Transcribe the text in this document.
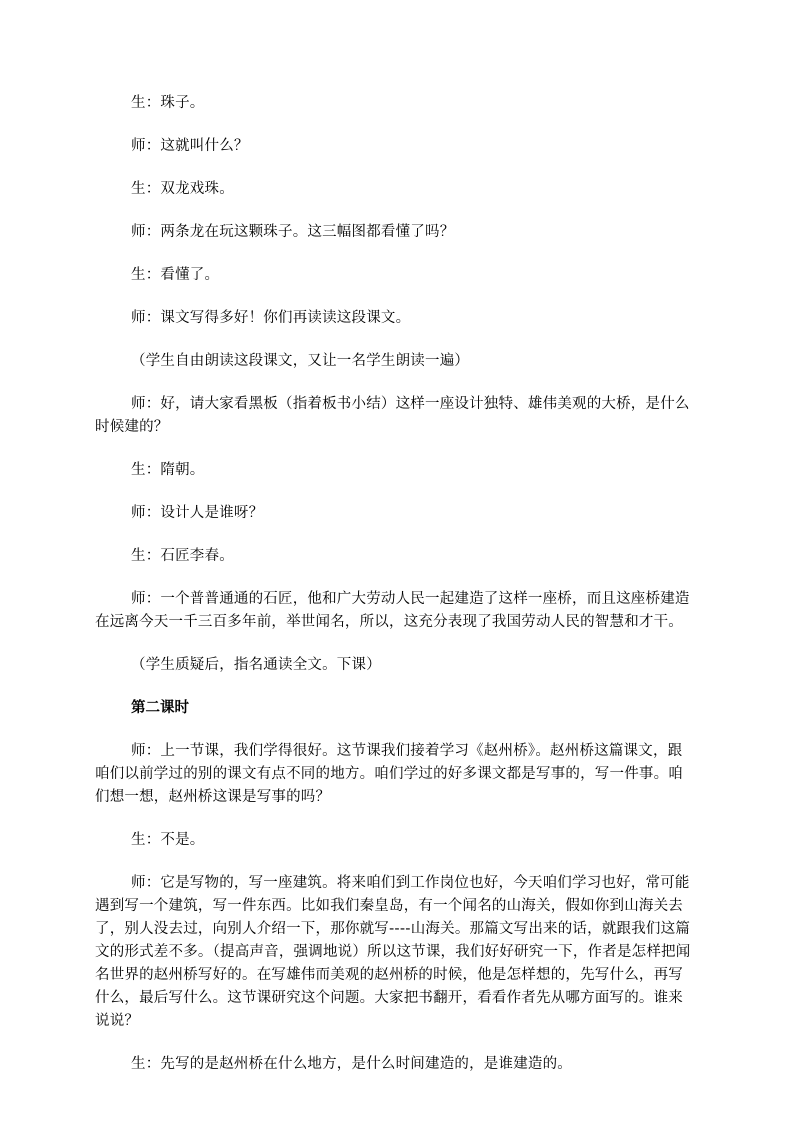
生：珠子。

师：这就叫什么？

生：双龙戏珠。

师：两条龙在玩这颗珠子。这三幅图都看懂了吗？

生：看懂了。

师：课文写得多好！你们再读读这段课文。

（学生自由朗读这段课文，又让一名学生朗读一遍）

师：好，请大家看黑板（指着板书小结）这样一座设计独特、雄伟美观的大桥，是什么时候建的？

生：隋朝。

师：设计人是谁呀？

生：石匠李春。

师：一个普普通通的石匠，他和广大劳动人民一起建造了这样一座桥，而且这座桥建造在远离今天一千三百多年前，举世闻名，所以，这充分表现了我国劳动人民的智慧和才干。

（学生质疑后，指名通读全文。下课）

第二课时

师：上一节课，我们学得很好。这节课我们接着学习《赵州桥》。赵州桥这篇课文，跟咱们以前学过的别的课文有点不同的地方。咱们学过的好多课文都是写事的，写一件事。咱们想一想，赵州桥这课是写事的吗？

生：不是。

师：它是写物的，写一座建筑。将来咱们到工作岗位也好，今天咱们学习也好，常可能遇到写一个建筑，写一件东西。比如我们秦皇岛，有一个闻名的山海关，假如你到山海关去了，别人没去过，向别人介绍一下，那你就写----山海关。那篇文写出来的话，就跟我们这篇文的形式差不多。（提高声音，强调地说）所以这节课，我们好好研究一下，作者是怎样把闻名世界的赵州桥写好的。在写雄伟而美观的赵州桥的时候，他是怎样想的，先写什么，再写什么，最后写什么。这节课研究这个问题。大家把书翻开，看看作者先从哪方面写的。谁来说说？

生：先写的是赵州桥在什么地方，是什么时间建造的，是谁建造的。
